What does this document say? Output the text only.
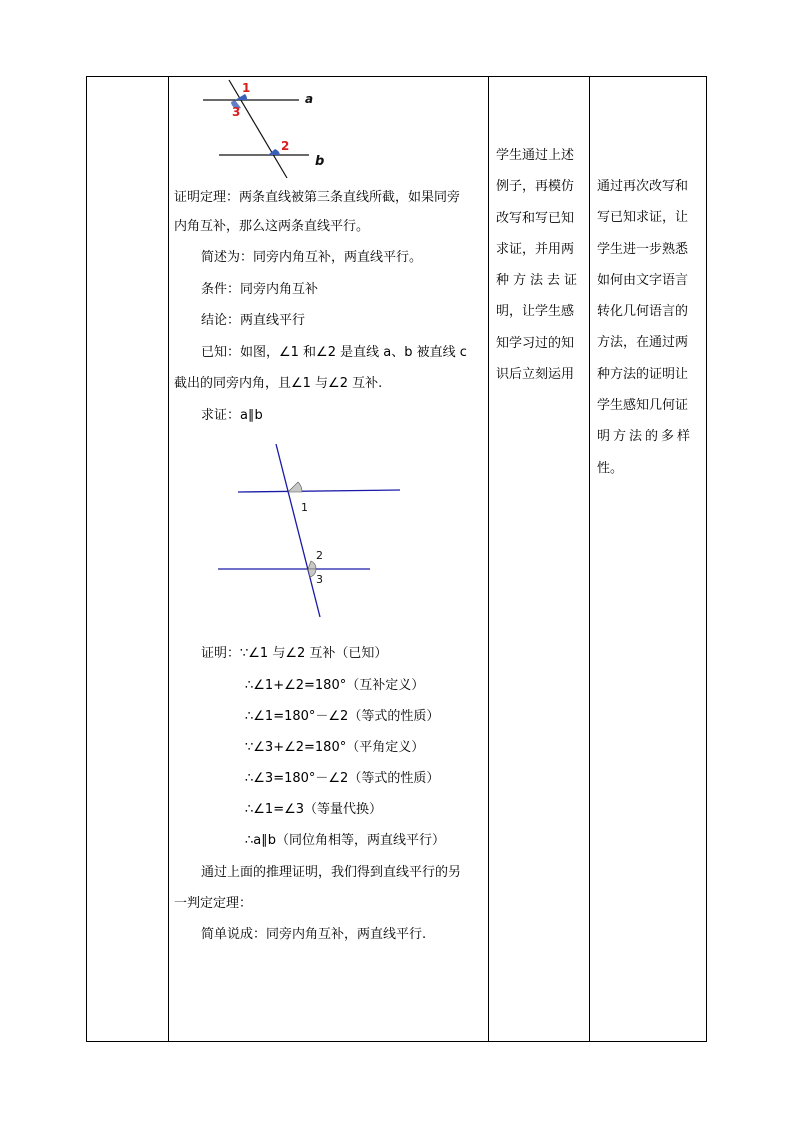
1
3
2
a
b
证明定理：两条直线被第三条直线所截，如果同旁
内角互补，那么这两条直线平行。
简述为：同旁内角互补，两直线平行。
条件：同旁内角互补
结论：两直线平行
已知：如图，∠1 和∠2 是直线 a、b 被直线 c
截出的同旁内角，且∠1 与∠2 互补.
求证：a∥b
1
2
3
证明：∵∠1 与∠2 互补（已知）
∴∠1+∠2=180°（互补定义）
∴∠1=180°－∠2（等式的性质）
∵∠3+∠2=180°（平角定义）
∴∠3=180°－∠2（等式的性质）
∴∠1=∠3（等量代换）
∴a∥b（同位角相等，两直线平行）
通过上面的推理证明，我们得到直线平行的另
一判定定理：
简单说成：同旁内角互补，两直线平行.
学生通过上述
例子，再模仿
改写和写已知
求证，并用两
种方法去证
明，让学生感
知学习过的知
识后立刻运用
通过再次改写和
写已知求证，让
学生进一步熟悉
如何由文字语言
转化几何语言的
方法，在通过两
种方法的证明让
学生感知几何证
明方法的多样
性。
